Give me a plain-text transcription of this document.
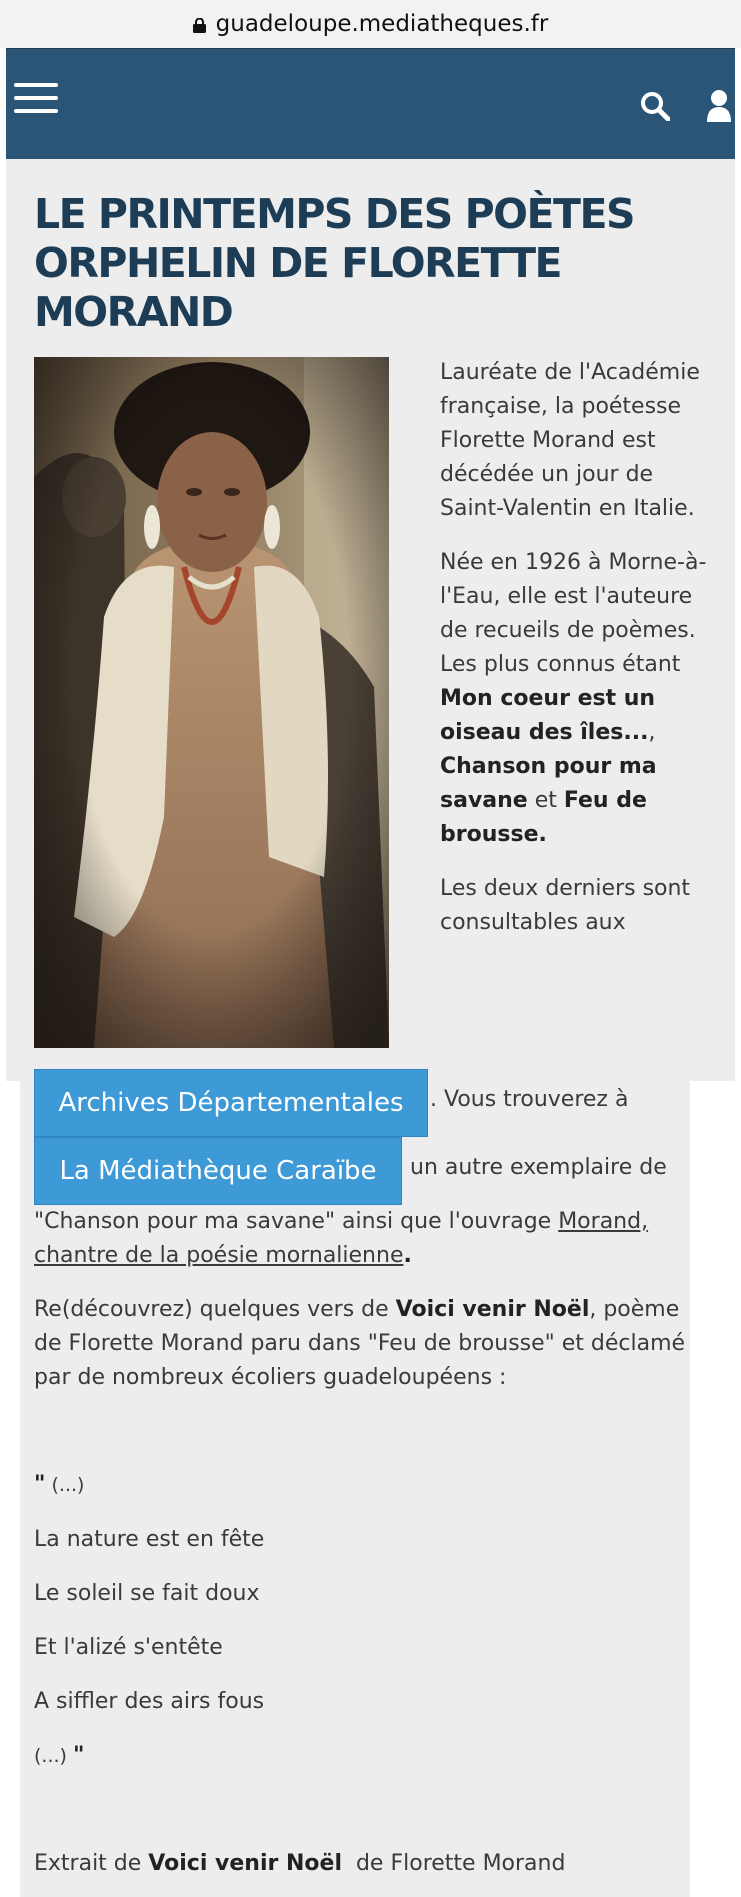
guadeloupe.mediatheques.fr
LE PRINTEMPS DES POÈTES
ORPHELIN DE FLORETTE
MORAND

Lauréate de l'Académie française, la poétesse Florette Morand est décédée un jour de Saint-Valentin en Italie.

Née en 1926 à Morne-à-l'Eau, elle est l'auteure de recueils de poèmes. Les plus connus étant Mon coeur est un oiseau des îles..., Chanson pour ma savane et Feu de brousse.

Les deux derniers sont consultables aux

Archives Départementales	. Vous trouverez à
La Médiathèque Caraïbe	un autre exemplaire de
"Chanson pour ma savane" ainsi que l'ouvrage Morand, chantre de la poésie mornalienne.
Re(découvrez) quelques vers de Voici venir Noël, poème de Florette Morand paru dans "Feu de brousse" et déclamé par de nombreux écoliers guadeloupéens :
" (...)
La nature est en fête
Le soleil se fait doux
Et l'alizé s'entête
A siffler des airs fous
(...) "
Extrait de Voici venir Noël  de Florette Morand
